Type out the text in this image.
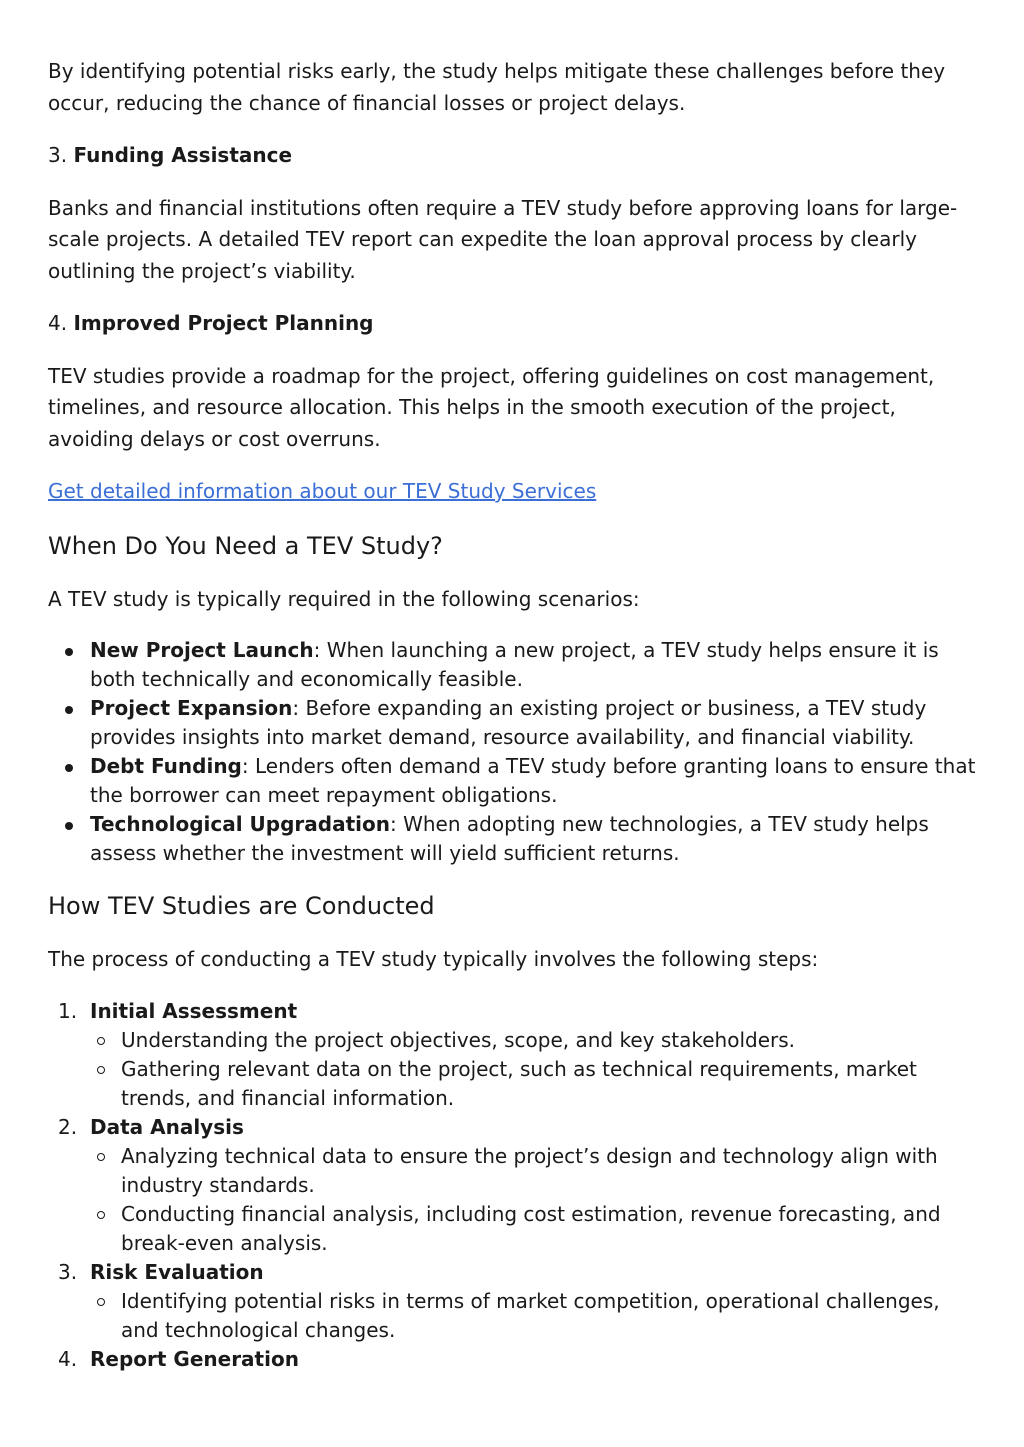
By identifying potential risks early, the study helps mitigate these challenges before they occur, reducing the chance of financial losses or project delays.

3. Funding Assistance

Banks and financial institutions often require a TEV study before approving loans for large-scale projects. A detailed TEV report can expedite the loan approval process by clearly outlining the project’s viability.

4. Improved Project Planning

TEV studies provide a roadmap for the project, offering guidelines on cost management, timelines, and resource allocation. This helps in the smooth execution of the project, avoiding delays or cost overruns.

Get detailed information about our TEV Study Services

When Do You Need a TEV Study?

A TEV study is typically required in the following scenarios:

New Project Launch: When launching a new project, a TEV study helps ensure it is both technically and economically feasible.
Project Expansion: Before expanding an existing project or business, a TEV study provides insights into market demand, resource availability, and financial viability.
Debt Funding: Lenders often demand a TEV study before granting loans to ensure that the borrower can meet repayment obligations.
Technological Upgradation: When adopting new technologies, a TEV study helps assess whether the investment will yield sufficient returns.
How TEV Studies are Conducted

The process of conducting a TEV study typically involves the following steps:

1. Initial Assessment
Understanding the project objectives, scope, and key stakeholders.
Gathering relevant data on the project, such as technical requirements, market trends, and financial information.
2. Data Analysis
Analyzing technical data to ensure the project’s design and technology align with industry standards.
Conducting financial analysis, including cost estimation, revenue forecasting, and break-even analysis.
3. Risk Evaluation
Identifying potential risks in terms of market competition, operational challenges, and technological changes.
4. Report Generation
